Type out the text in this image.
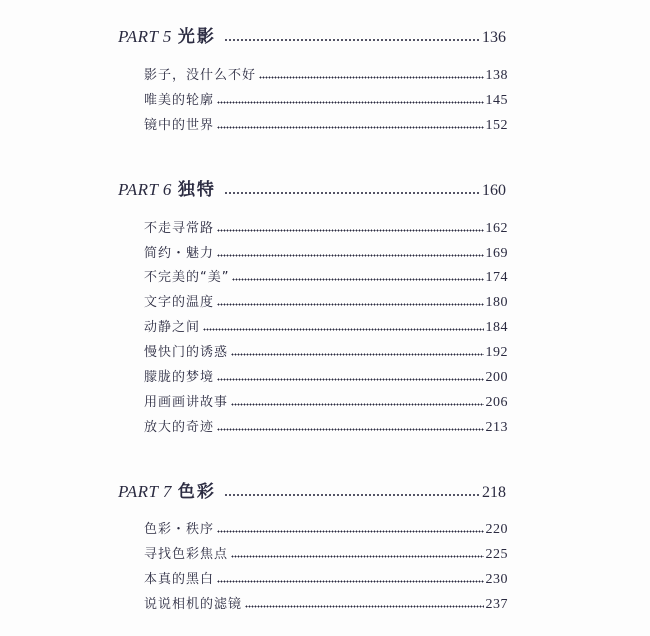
PART 5 光影	136
影子，没什么不好	138
唯美的轮廓	145
镜中的世界	152
PART 6 独特	160
不走寻常路	162
简约・魅力	169
不完美的“美”	174
文字的温度	180
动静之间	184
慢快门的诱惑	192
朦胧的梦境	200
用画画讲故事	206
放大的奇迹	213
PART 7 色彩	218
色彩・秩序	220
寻找色彩焦点	225
本真的黑白	230
说说相机的滤镜	237
